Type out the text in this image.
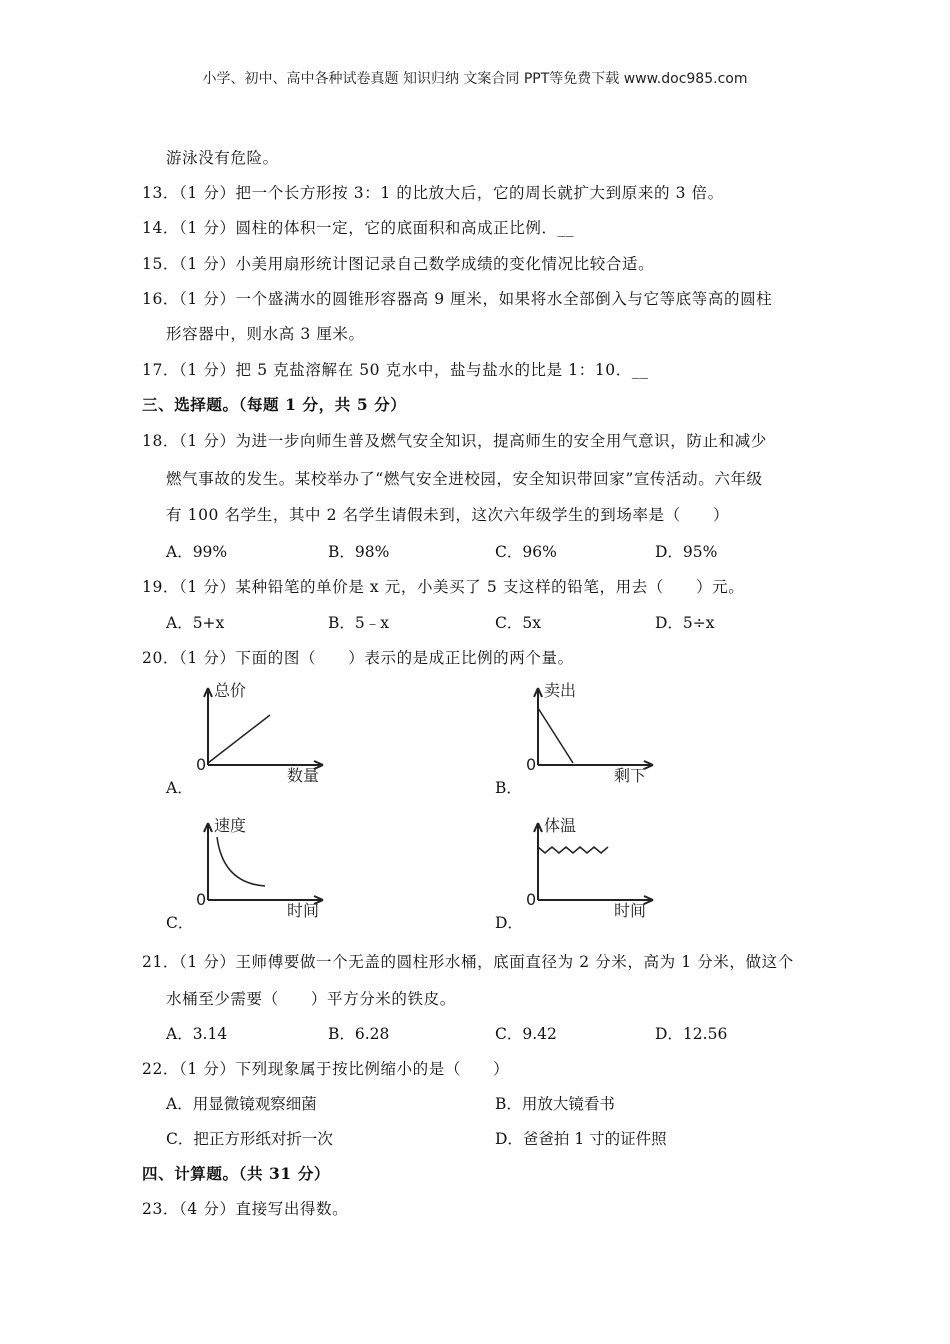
小学、初中、高中各种试卷真题 知识归纳 文案合同 PPT等免费下载 www.doc985.com
游泳没有危险。
13．（1 分）把一个长方形按 3：1 的比放大后，它的周长就扩大到原来的 3 倍。
14．（1 分）圆柱的体积一定，它的底面积和高成正比例．__
15．（1 分）小美用扇形统计图记录自己数学成绩的变化情况比较合适。
16．（1 分）一个盛满水的圆锥形容器高 9 厘米，如果将水全部倒入与它等底等高的圆柱
形容器中，则水高 3 厘米。
17．（1 分）把 5 克盐溶解在 50 克水中，盐与盐水的比是 1：10．__
三、选择题。（每题 1 分，共 5 分）
18．（1 分）为进一步向师生普及燃气安全知识，提高师生的安全用气意识，防止和减少
燃气事故的发生。某校举办了“燃气安全进校园，安全知识带回家”宣传活动。六年级
有 100 名学生，其中 2 名学生请假未到，这次六年级学生的到场率是（　　）
A．99%	B．98%	C．96%	D．95%
19．（1 分）某种铅笔的单价是 x 元，小美买了 5 支这样的铅笔，用去（　　）元。
A．5+x	B．5﹣x	C．5x	D．5÷x
20．（1 分）下面的图（　　）表示的是成正比例的两个量。
总价
0
数量
A．
卖出
0
剩下
B．
速度
0
时间
C．
体温
0
时间
D．
21．（1 分）王师傅要做一个无盖的圆柱形水桶，底面直径为 2 分米，高为 1 分米，做这个
水桶至少需要（　　）平方分米的铁皮。
A．3.14	B．6.28	C．9.42	D．12.56
22．（1 分）下列现象属于按比例缩小的是（　　）
A．用显微镜观察细菌	B．用放大镜看书
C．把正方形纸对折一次	D．爸爸拍 1 寸的证件照
四、计算题。（共 31 分）
23．（4 分）直接写出得数。
